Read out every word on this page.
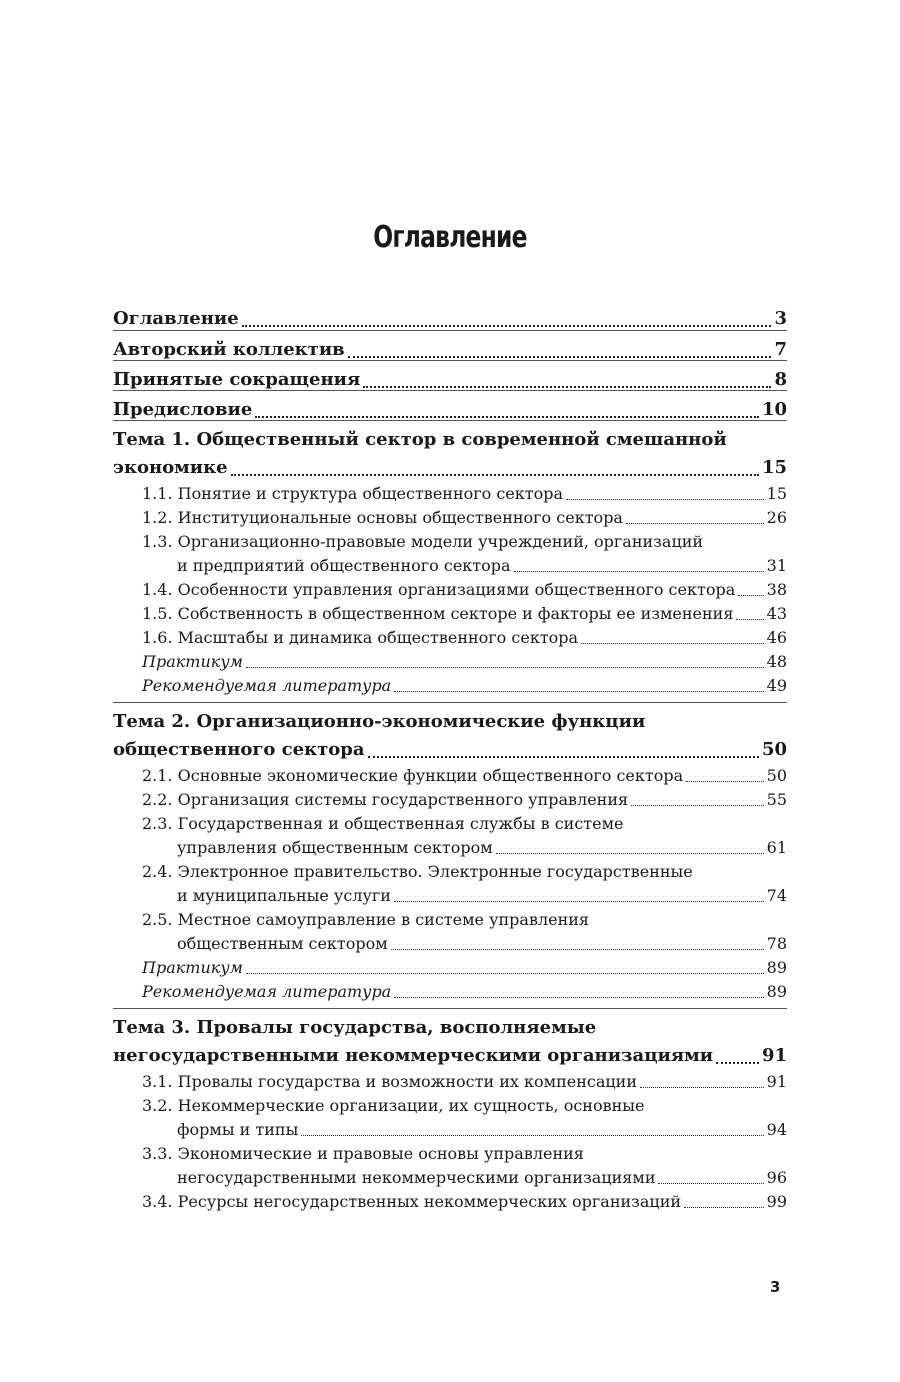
Оглавление
Оглавление	3
Авторский коллектив	7
Принятые сокращения	8
Предисловие	10
Тема 1. Общественный сектор в современной смешанной
экономике	15
1.1. Понятие и структура общественного сектора	15
1.2. Институциональные основы общественного сектора	26
1.3. Организационно-правовые модели учреждений, организаций
и предприятий общественного сектора	31
1.4. Особенности управления организациями общественного сектора 38
1.5. Собственность в общественном секторе и факторы ее изменения 43
1.6. Масштабы и динамика общественного сектора	46
Практикум	48
Рекомендуемая литература	49
Тема 2. Организационно-экономические функции
общественного сектора	50
2.1. Основные экономические функции общественного сектора	50
2.2. Организация системы государственного управления	55
2.3. Государственная и общественная службы в системе
управления общественным сектором	61
2.4. Электронное правительство. Электронные государственные
и муниципальные услуги	74
2.5. Местное самоуправление в системе управления
общественным сектором	78
Практикум	89
Рекомендуемая литература	89
Тема 3. Провалы государства, восполняемые
негосударственными некоммерческими организациями	91
3.1. Провалы государства и возможности их компенсации	91
3.2. Некоммерческие организации, их сущность, основные
формы и типы	94
3.3. Экономические и правовые основы управления
негосударственными некоммерческими организациями	96
3.4. Ресурсы негосударственных некоммерческих организаций	99
3
